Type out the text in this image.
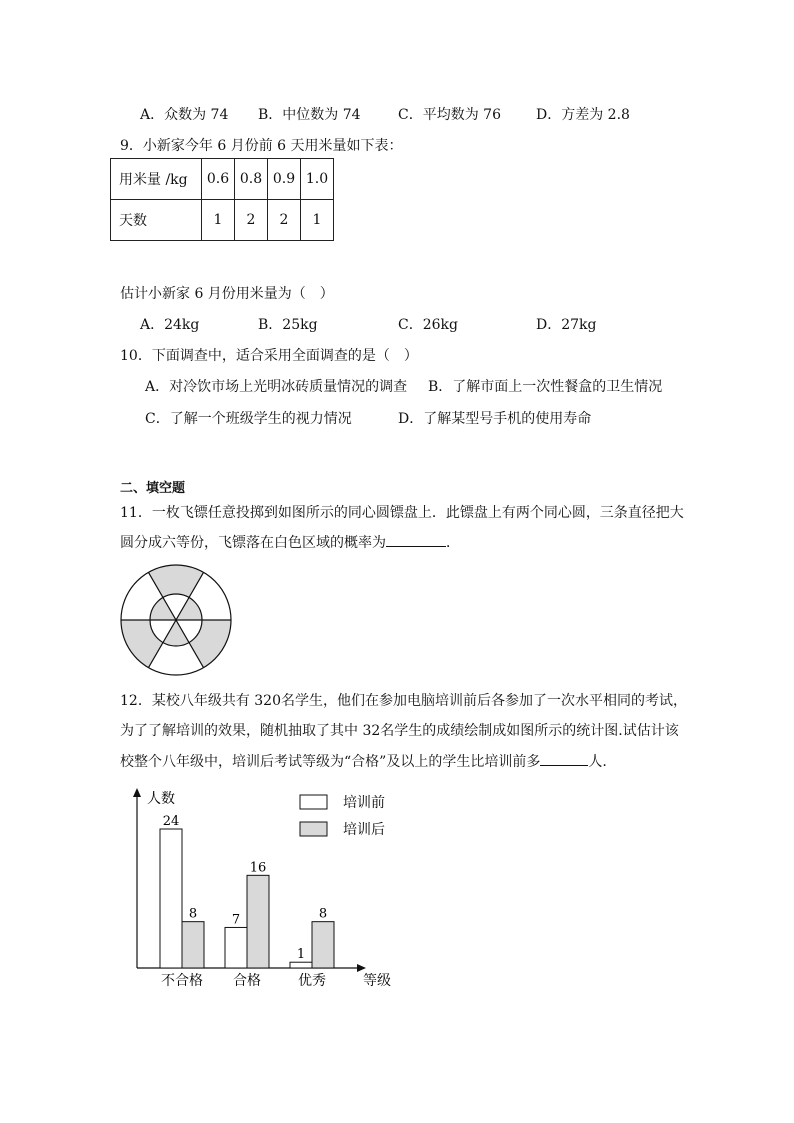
A．众数为 74 B．中位数为 74	C．平均数为 76	D．方差为 2.8
9．小新家今年 6 月份前 6 天用米量如下表：
用米量 /kg	0.6	0.8	0.9	1.0
天数	1	2	2	1
估计小新家 6 月份用米量为（　）
A．24kg	B．25kg	C．26kg	D．27kg
10．下面调查中，适合采用全面调查的是（　）
A．对冷饮市场上光明冰砖质量情况的调查 B．了解市面上一次性餐盒的卫生情况
C．了解一个班级学生的视力情况	D．了解某型号手机的使用寿命
二、填空题
11．一枚飞镖任意投掷到如图所示的同心圆镖盘上．此镖盘上有两个同心圆，三条直径把大
圆分成六等份，飞镖落在白色区域的概率为	．
12．某校八年级共有 320名学生，他们在参加电脑培训前后各参加了一次水平相同的考试，
为了了解培训的效果，随机抽取了其中 32名学生的成绩绘制成如图所示的统计图.试估计该
校整个八年级中，培训后考试等级为“合格”及以上的学生比培训前多	人.
人数
等级
培训前
培训后
24
8
不合格
7
16
合格
1
8
优秀
